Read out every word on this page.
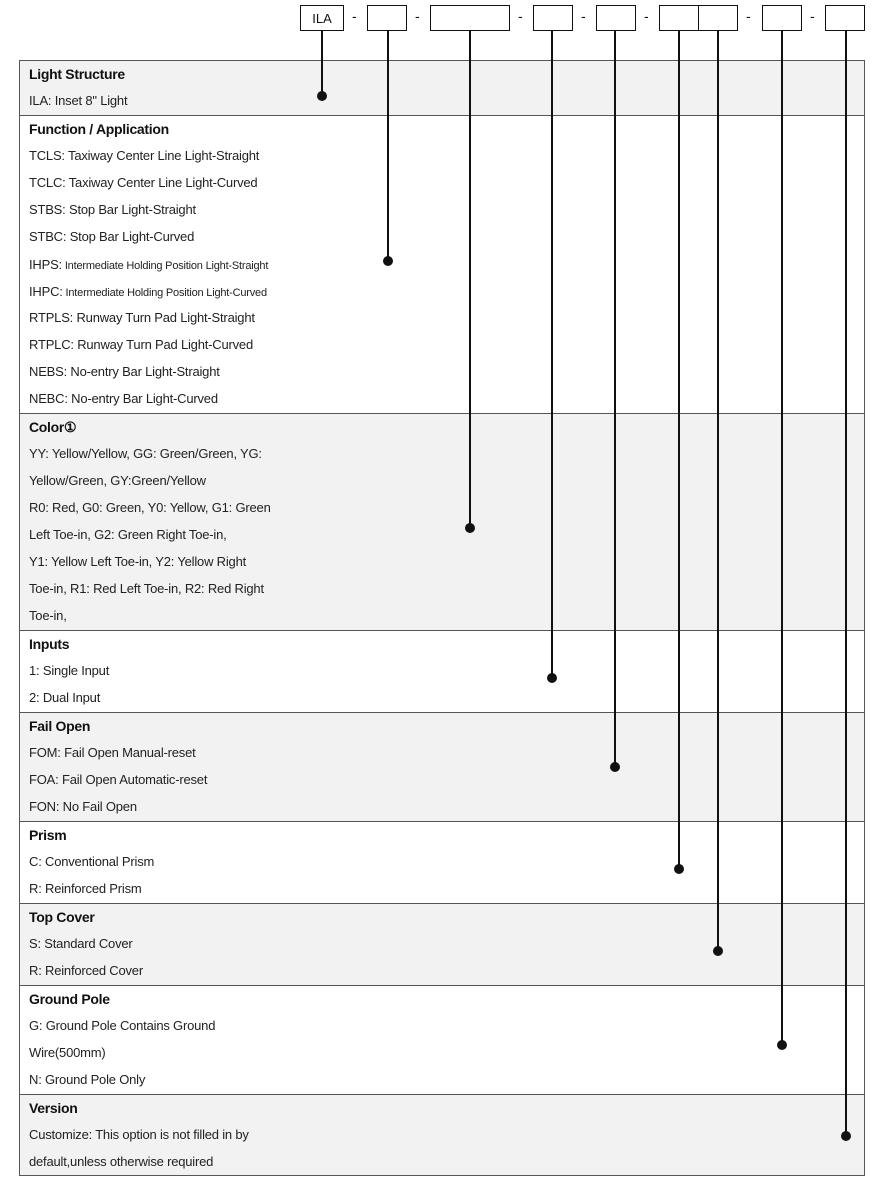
ILA	-	-	-	-	-	-	-
Light Structure
ILA: Inset 8" Light
Function / Application
TCLS: Taxiway Center Line Light-Straight
TCLC: Taxiway Center Line Light-Curved
STBS: Stop Bar Light-Straight
STBC: Stop Bar Light-Curved
IHPS: Intermediate Holding Position Light-Straight
IHPC: Intermediate Holding Position Light-Curved
RTPLS: Runway Turn Pad Light-Straight
RTPLC: Runway Turn Pad Light-Curved
NEBS: No-entry Bar Light-Straight
NEBC: No-entry Bar Light-Curved
Color①
YY: Yellow/Yellow, GG: Green/Green, YG:
Yellow/Green, GY:Green/Yellow
R0: Red, G0: Green, Y0: Yellow, G1: Green
Left Toe-in, G2: Green Right Toe-in,
Y1: Yellow Left Toe-in, Y2: Yellow Right
Toe-in, R1: Red Left Toe-in, R2: Red Right
Toe-in,
Inputs
1: Single Input
2: Dual Input
Fail Open
FOM: Fail Open Manual-reset
FOA: Fail Open Automatic-reset
FON: No Fail Open
Prism
C: Conventional Prism
R: Reinforced Prism
Top Cover
S: Standard Cover
R: Reinforced Cover
Ground Pole
G: Ground Pole Contains Ground
Wire(500mm)
N: Ground Pole Only
Version
Customize: This option is not filled in by
default,unless otherwise required
